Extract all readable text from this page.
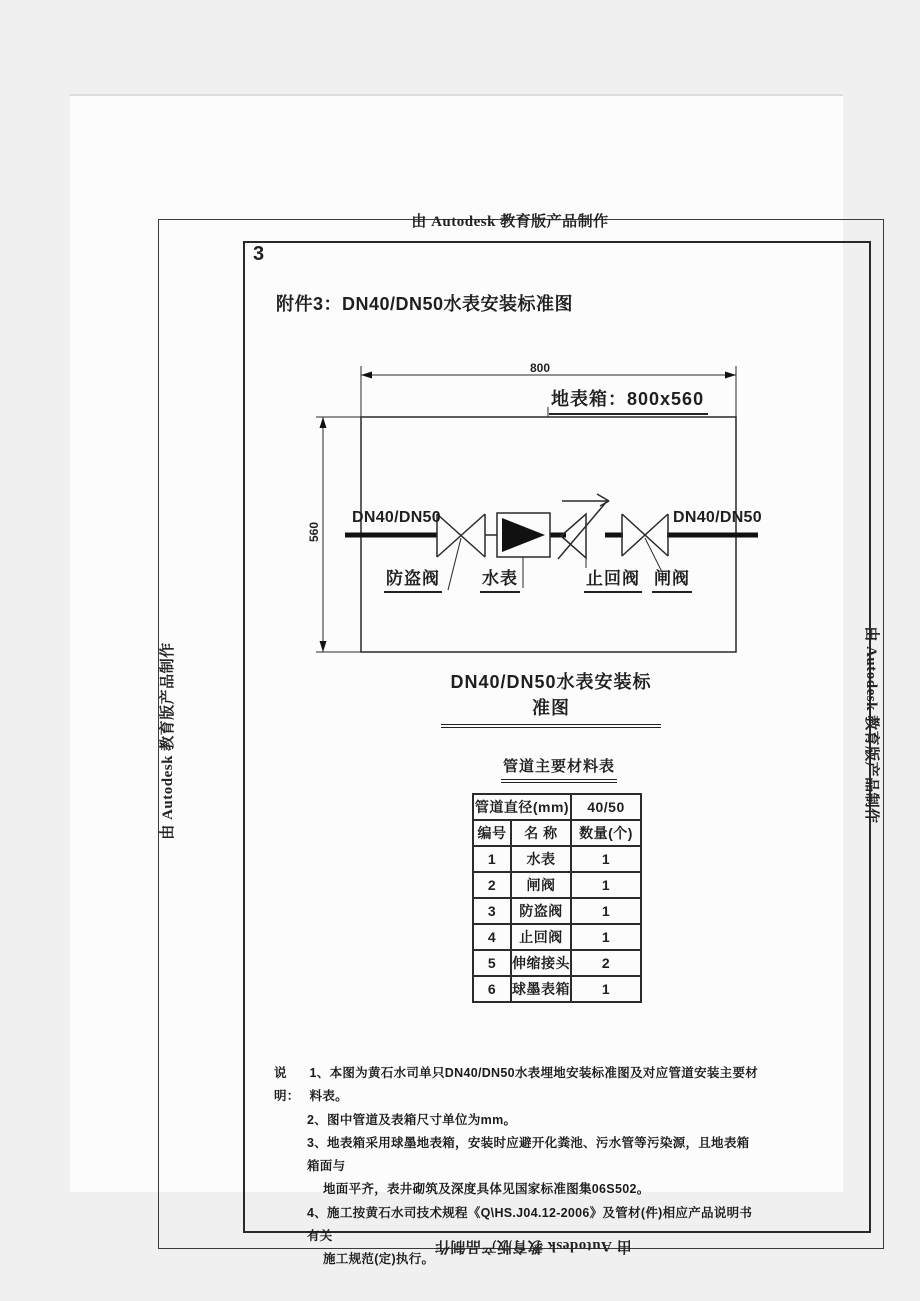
由 Autodesk 教育版产品制作
由 Autodesk 教育版产品制作
由 Autodesk 教育版产品制作	由 Autodesk 教育版产品制作
3
附件3：DN40/DN50水表安装标准图
800
560
地表箱：800x560
DN40/DN50	DN40/DN50
防盗阀 水表	止回阀 闸阀
DN40/DN50水表安装标准图
管道主要材料表
管道直径(mm)		40/50
编号	名 称	数量(个)
1	水表	1
2	闸阀	1
3	防盗阀	1
4	止回阀	1
5	伸缩接头	2
6	球墨表箱	1
说明：
1、本图为黄石水司单只DN40/DN50水表埋地安装标准图及对应管道安装主要材料表。
2、图中管道及表箱尺寸单位为mm。
3、地表箱采用球墨地表箱，安装时应避开化粪池、污水管等污染源，且地表箱箱面与
地面平齐，表井砌筑及深度具体见国家标准图集06S502。
4、施工按黄石水司技术规程《Q\HS.J04.12-2006》及管材(件)相应产品说明书有关
施工规范(定)执行。
